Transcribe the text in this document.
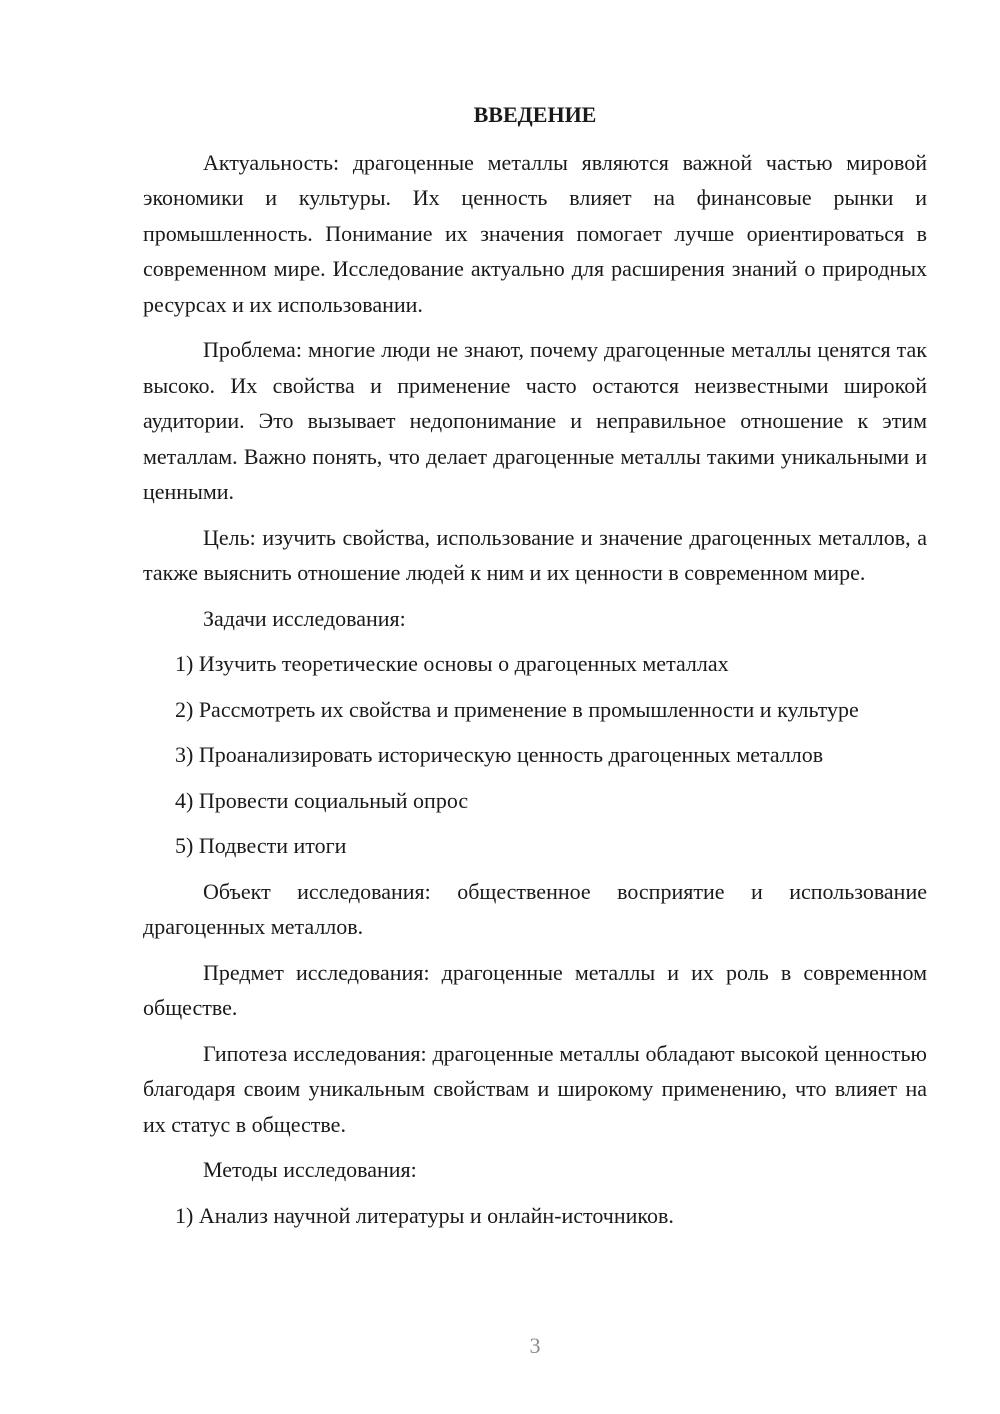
ВВЕДЕНИЕ

Актуальность: драгоценные металлы являются важной частью мировой экономики и культуры. Их ценность влияет на финансовые рынки и промышленность. Понимание их значения помогает лучше ориентироваться в современном мире. Исследование актуально для расширения знаний о природных ресурсах и их использовании.

Проблема: многие люди не знают, почему драгоценные металлы ценятся так высоко. Их свойства и применение часто остаются неизвестными широкой аудитории. Это вызывает недопонимание и неправильное отношение к этим металлам. Важно понять, что делает драгоценные металлы такими уникальными и ценными.

Цель: изучить свойства, использование и значение драгоценных металлов, а также выяснить отношение людей к ним и их ценности в современном мире.

Задачи исследования:

1) Изучить теоретические основы о драгоценных металлах

2) Рассмотреть их свойства и применение в промышленности и культуре

3) Проанализировать историческую ценность драгоценных металлов

4) Провести социальный опрос

5) Подвести итоги

Объект исследования: общественное восприятие и использование драгоценных металлов.

Предмет исследования: драгоценные металлы и их роль в современном обществе.

Гипотеза исследования: драгоценные металлы обладают высокой ценностью благодаря своим уникальным свойствам и широкому применению, что влияет на их статус в обществе.

Методы исследования:

1) Анализ научной литературы и онлайн-источников.

3
